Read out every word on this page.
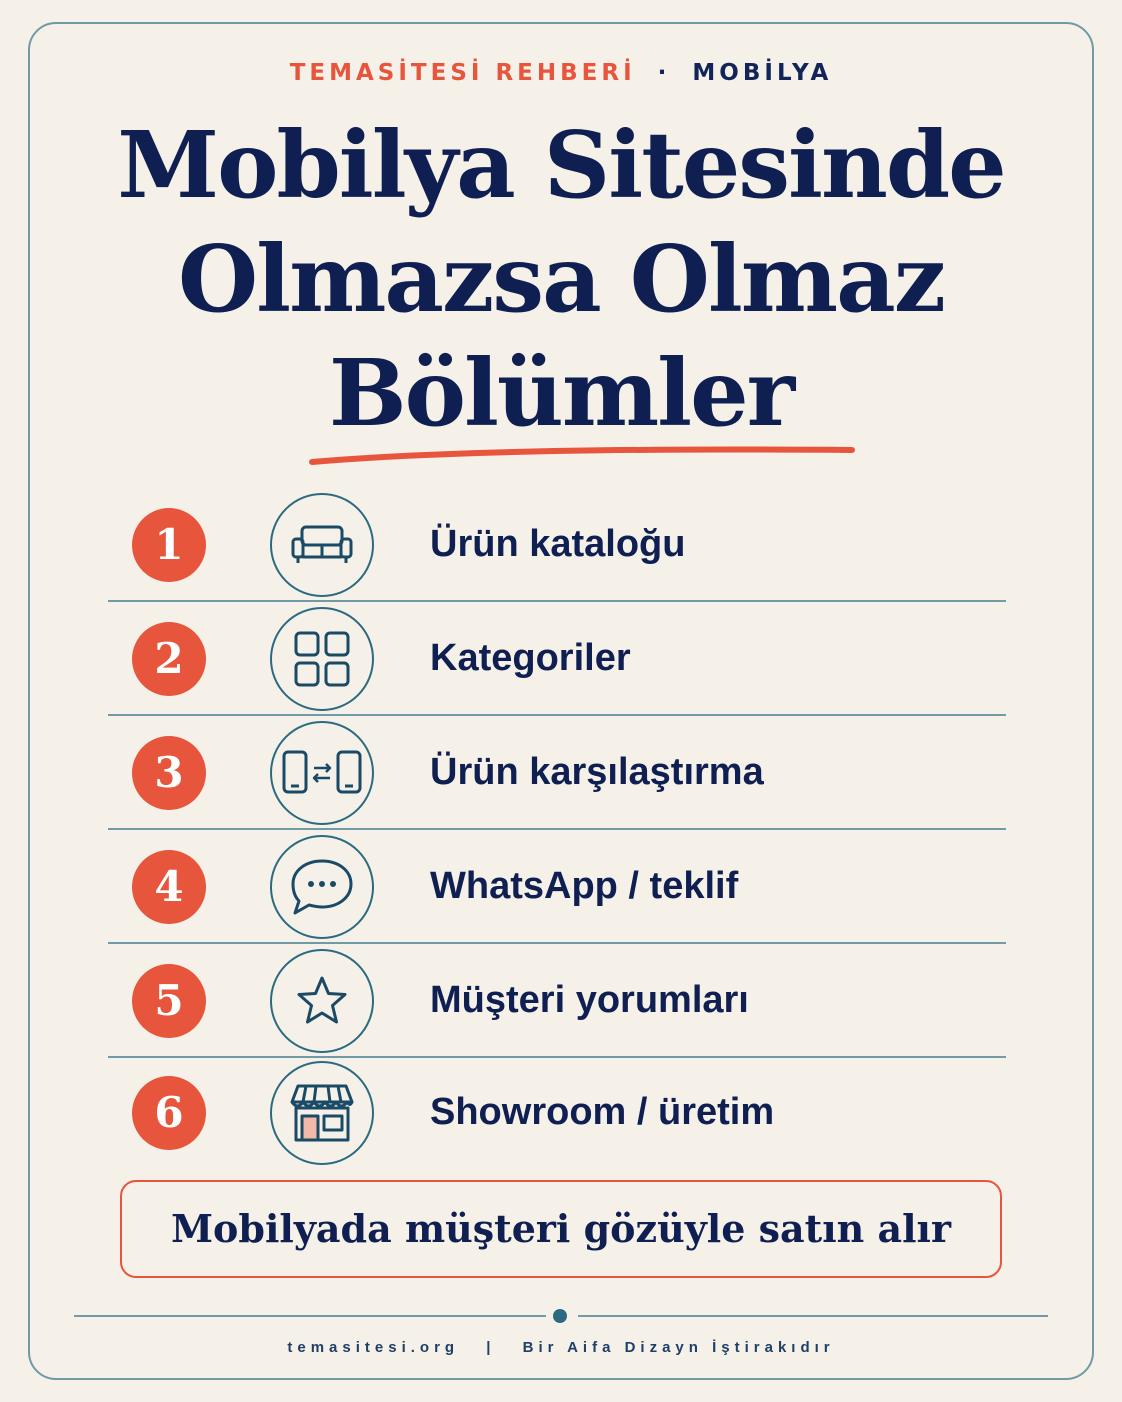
TEMASİTESİ REHBERİ · MOBİLYA
Mobilya Sitesinde
Olmazsa Olmaz
Bölümler
1	Ürün kataloğu
2	Kategoriler
3	Ürün karşılaştırma
4	WhatsApp / teklif
5	Müşteri yorumları
6	Showroom / üretim
Mobilyada müşteri gözüyle satın alır
temasitesi.org | Bir Aifa Dizayn İştirakıdır
